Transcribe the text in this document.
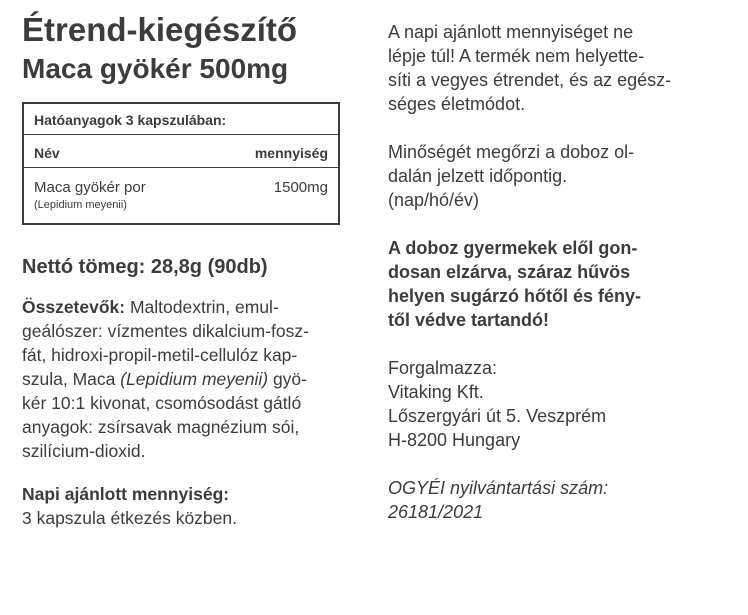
Étrend-kiegészítő
Maca gyökér 500mg
Hatóanyagok 3 kapszulában:
Név	mennyiség
Maca gyökér por
(Lepidium meyenii)
1500mg
Nettó tömeg: 28,8g (90db)

Összetevők: Maltodextrin, emul-

geálószer: vízmentes dikalcium-fosz-

fát, hidroxi-propil-metil-cellulóz kap-

szula, Maca (Lepidium meyenii) gyö-

kér 10:1 kivonat, csomósodást gátló

anyagok: zsírsavak magnézium sói,

szilícium-dioxid.

Napi ajánlott mennyiség:

3 kapszula étkezés közben.

A napi ajánlott mennyiséget ne

lépje túl! A termék nem helyette-

síti a vegyes étrendet, és az egész-

séges életmódot.

Minőségét megőrzi a doboz ol-

dalán jelzett időpontig.

(nap/hó/év)

A doboz gyermekek elől gon-

dosan elzárva, száraz hűvös

helyen sugárzó hőtől és fény-

től védve tartandó!

Forgalmazza:

Vitaking Kft.

Lőszergyári út 5. Veszprém

H-8200 Hungary

OGYÉI nyilvántartási szám:

26181/2021
